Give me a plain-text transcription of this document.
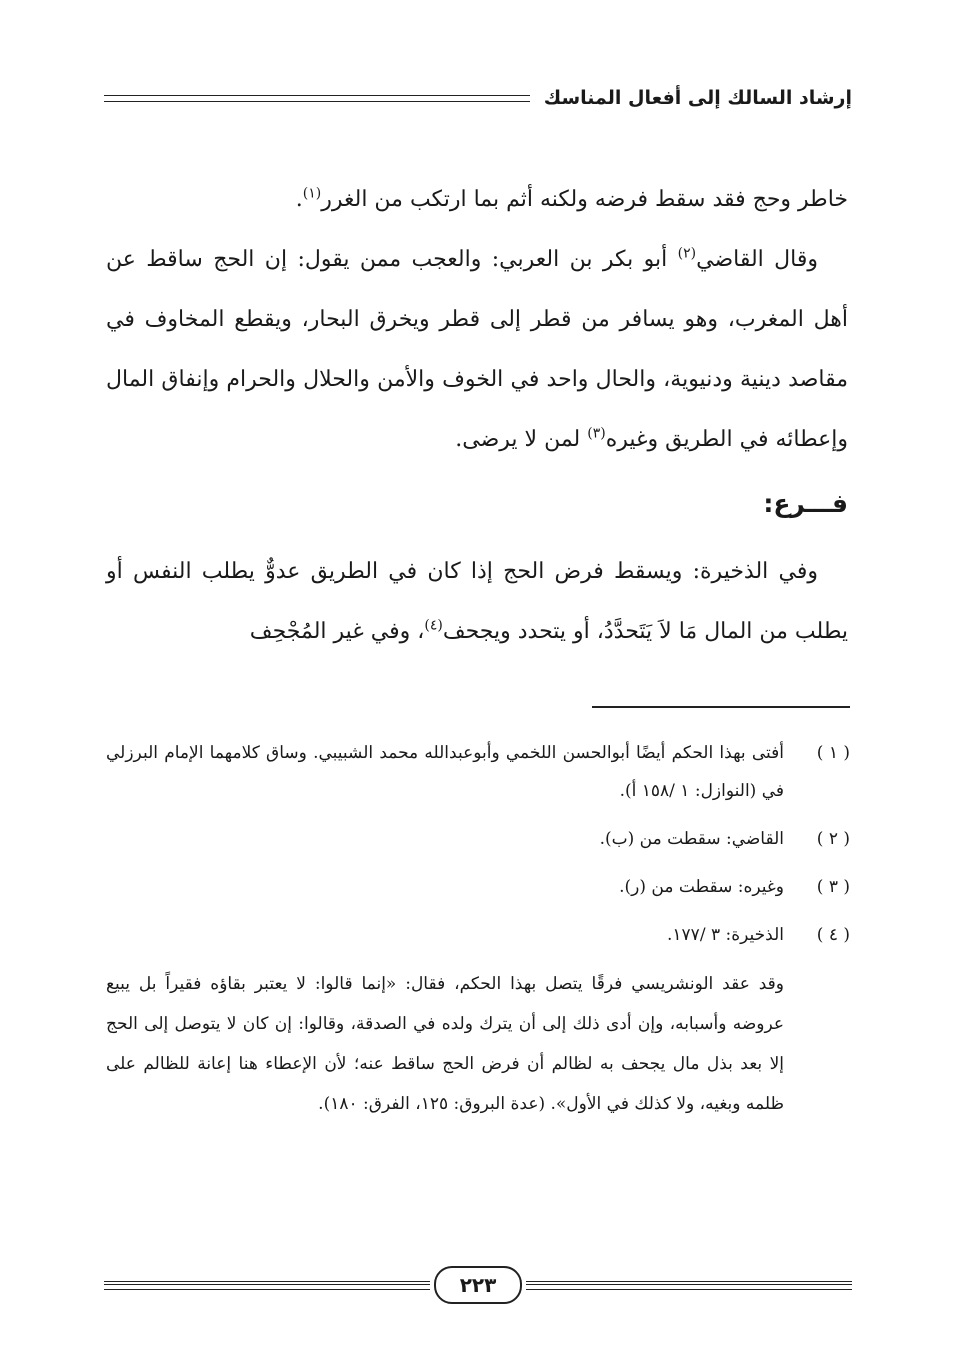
إرشاد السالك إلى أفعال المناسك

خاطر وحج فقد سقط فرضه ولكنه أثم بما ارتكب من الغرر$^{(١)}$.

وقال القاضي$^{(٢)}$ أبو بكر بن العربي: والعجب ممن يقول: إن الحج ساقط عن أهل المغرب، وهو يسافر من قطر إلى قطر ويخرق البحار، ويقطع المخاوف في مقاصد دينية ودنيوية، والحال واحد في الخوف والأمن والحلال والحرام وإنفاق المال وإعطائه في الطريق وغيره$^{(٣)}$ لمن لا يرضى.

فـــرع:

وفي الذخيرة: ويسقط فرض الحج إذا كان في الطريق عدوٌّ يطلب النفس أو يطلب من المال مَا لاَ يَتَحدَّدُ، أو يتحدد ويجحف$^{(٤)}$، وفي غير المُجْحِف

( ١ )
أفتى بهذا الحكم أيضًا أبوالحسن اللخمي وأبوعبدالله محمد الشبيبي. وساق كلامهما الإمام البرزلي في (النوازل: ١ /١٥٨ أ).
( ٢ )
القاضي: سقطت من (ب).
( ٣ )
وغيره: سقطت من (ر).
( ٤ )
الذخيرة: ٣ /١٧٧.
وقد عقد الونشريسي فرقًا يتصل بهذا الحكم، فقال: «إنما قالوا: لا يعتبر بقاؤه فقيراً بل يبيع عروضه وأسبابه، وإن أدى ذلك إلى أن يترك ولده في الصدقة، وقالوا: إن كان لا يتوصل إلى الحج إلا بعد بذل مال يجحف به لظالم أن فرض الحج ساقط عنه؛ لأن الإعطاء هنا إعانة للظالم على ظلمه وبغيه، ولا كذلك في الأول». (عدة البروق: ١٢٥، الفرق: ١٨٠).
٢٢٣
